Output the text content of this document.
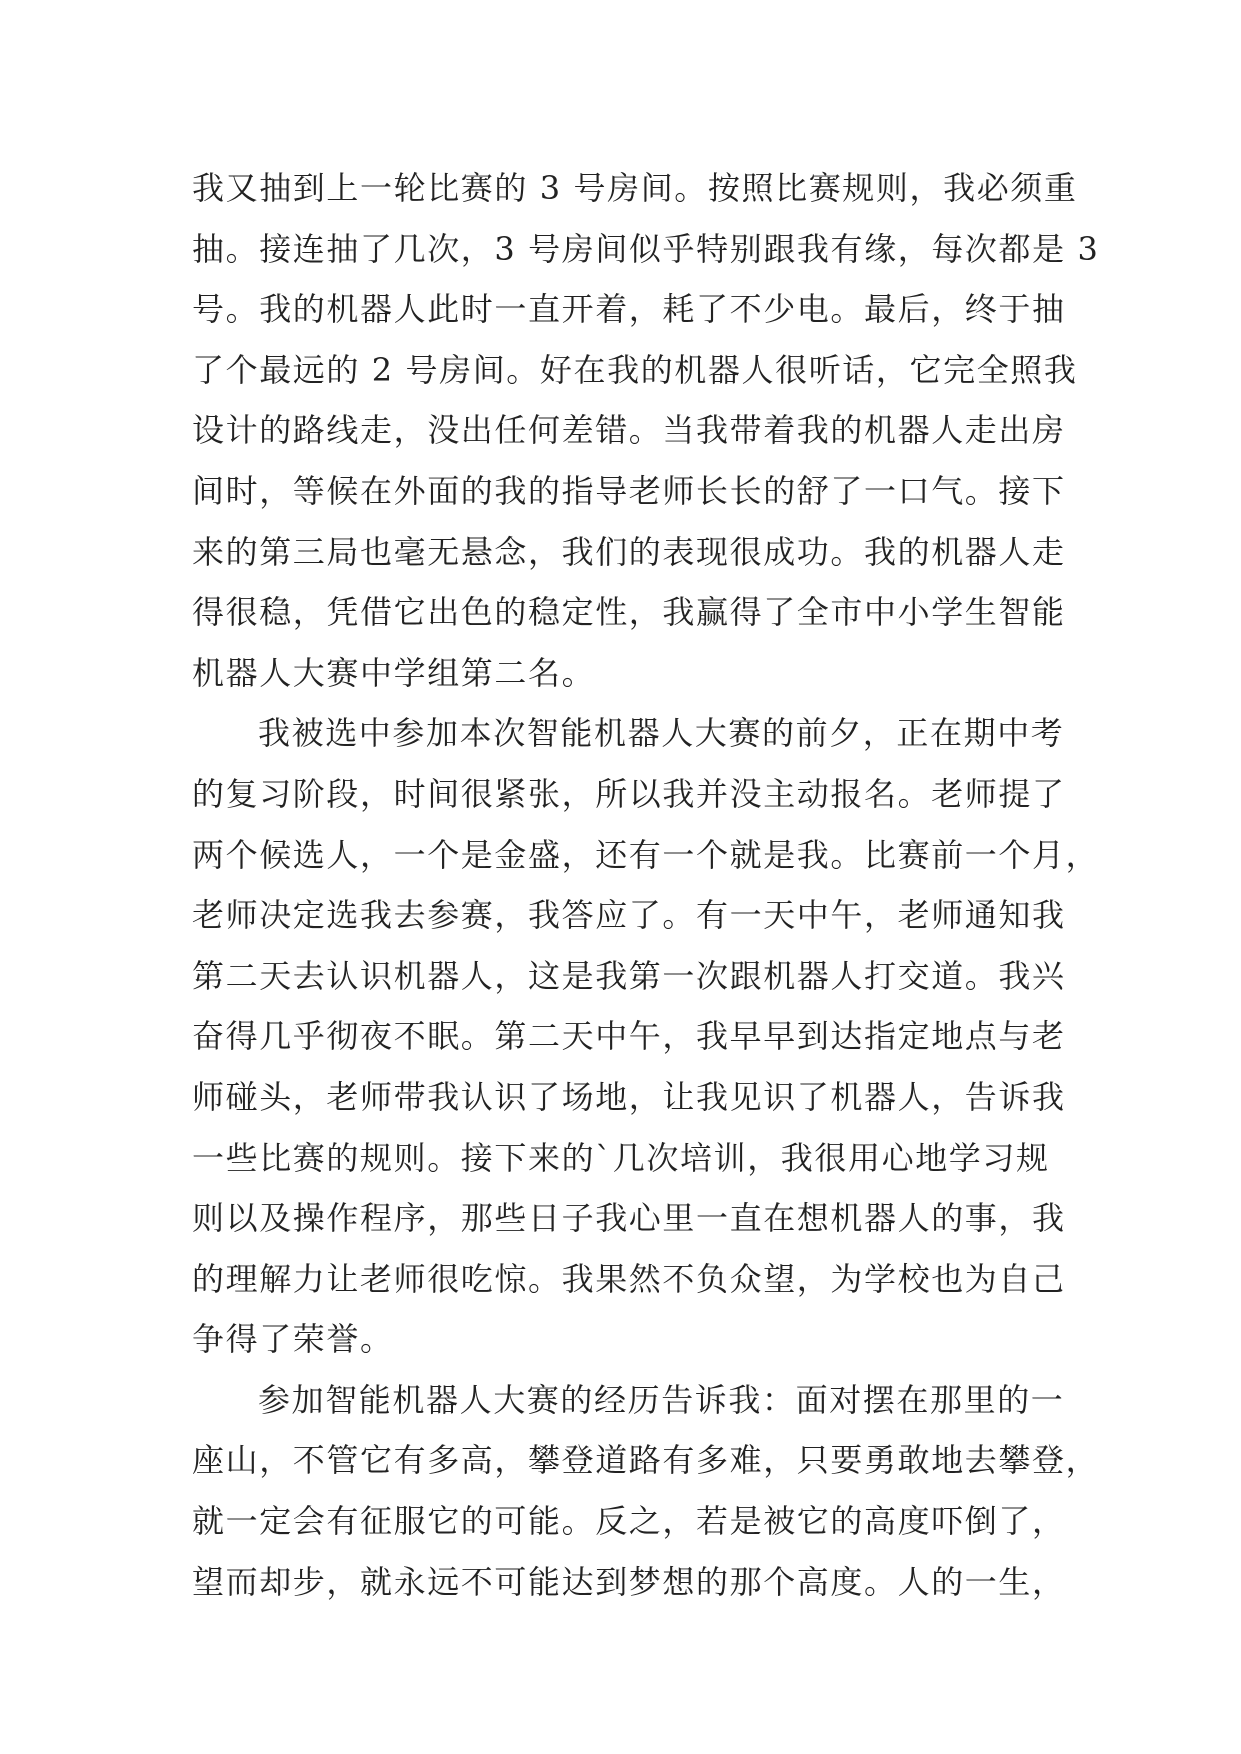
我又抽到上一轮比赛的 3 号房间。按照比赛规则，我必须重
抽。接连抽了几次，3 号房间似乎特别跟我有缘，每次都是 3
号。我的机器人此时一直开着，耗了不少电。最后，终于抽
了个最远的 2 号房间。好在我的机器人很听话，它完全照我
设计的路线走，没出任何差错。当我带着我的机器人走出房
间时，等候在外面的我的指导老师长长的舒了一口气。接下
来的第三局也毫无悬念，我们的表现很成功。我的机器人走
得很稳，凭借它出色的稳定性，我赢得了全市中小学生智能
机器人大赛中学组第二名。
我被选中参加本次智能机器人大赛的前夕，正在期中考
的复习阶段，时间很紧张，所以我并没主动报名。老师提了
两个候选人，一个是金盛，还有一个就是我。比赛前一个月，
老师决定选我去参赛，我答应了。有一天中午，老师通知我
第二天去认识机器人，这是我第一次跟机器人打交道。我兴
奋得几乎彻夜不眠。第二天中午，我早早到达指定地点与老
师碰头，老师带我认识了场地，让我见识了机器人，告诉我
一些比赛的规则。接下来的`几次培训，我很用心地学习规
则以及操作程序，那些日子我心里一直在想机器人的事，我
的理解力让老师很吃惊。我果然不负众望，为学校也为自己
争得了荣誉。
参加智能机器人大赛的经历告诉我：面对摆在那里的一
座山，不管它有多高，攀登道路有多难，只要勇敢地去攀登，
就一定会有征服它的可能。反之，若是被它的高度吓倒了，
望而却步，就永远不可能达到梦想的那个高度。人的一生，
